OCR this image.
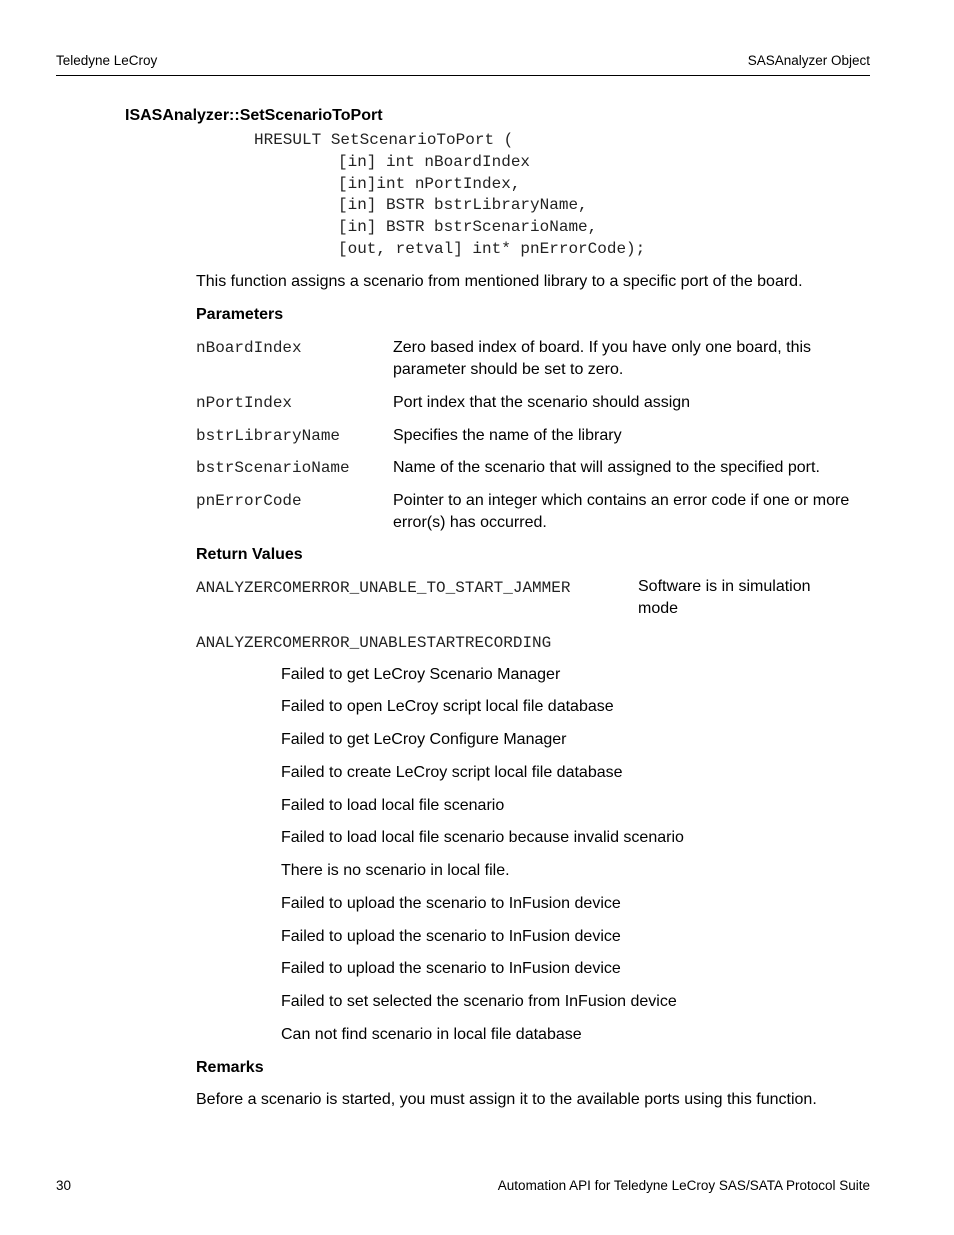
Teledyne LeCroy	SASAnalyzer Object
ISASAnalyzer::SetScenarioToPort
HRESULT SetScenarioToPort (
[in] int nBoardIndex
[in]int nPortIndex,
[in] BSTR bstrLibraryName,
[in] BSTR bstrScenarioName,
[out, retval] int* pnErrorCode);
This function assigns a scenario from mentioned library to a specific port of the board.
Parameters
nBoardIndex	Zero based index of board. If you have only one board, this parameter should be set to zero.
nPortIndex	Port index that the scenario should assign
bstrLibraryName	Specifies the name of the library
bstrScenarioName	Name of the scenario that will assigned to the specified port.
pnErrorCode	Pointer to an integer which contains an error code if one or more error(s) has occurred.
Return Values
ANALYZERCOMERROR_UNABLE_TO_START_JAMMER	Software is in simulation mode
ANALYZERCOMERROR_UNABLESTARTRECORDING
Failed to get LeCroy Scenario Manager
Failed to open LeCroy script local file database
Failed to get LeCroy Configure Manager
Failed to create LeCroy script local file database
Failed to load local file scenario
Failed to load local file scenario because invalid scenario
There is no scenario in local file.
Failed to upload the scenario to InFusion device
Failed to upload the scenario to InFusion device
Failed to upload the scenario to InFusion device
Failed to set selected the scenario from InFusion device
Can not find scenario in local file database
Remarks
Before a scenario is started, you must assign it to the available ports using this function.
30	Automation API for Teledyne LeCroy SAS/SATA Protocol Suite
